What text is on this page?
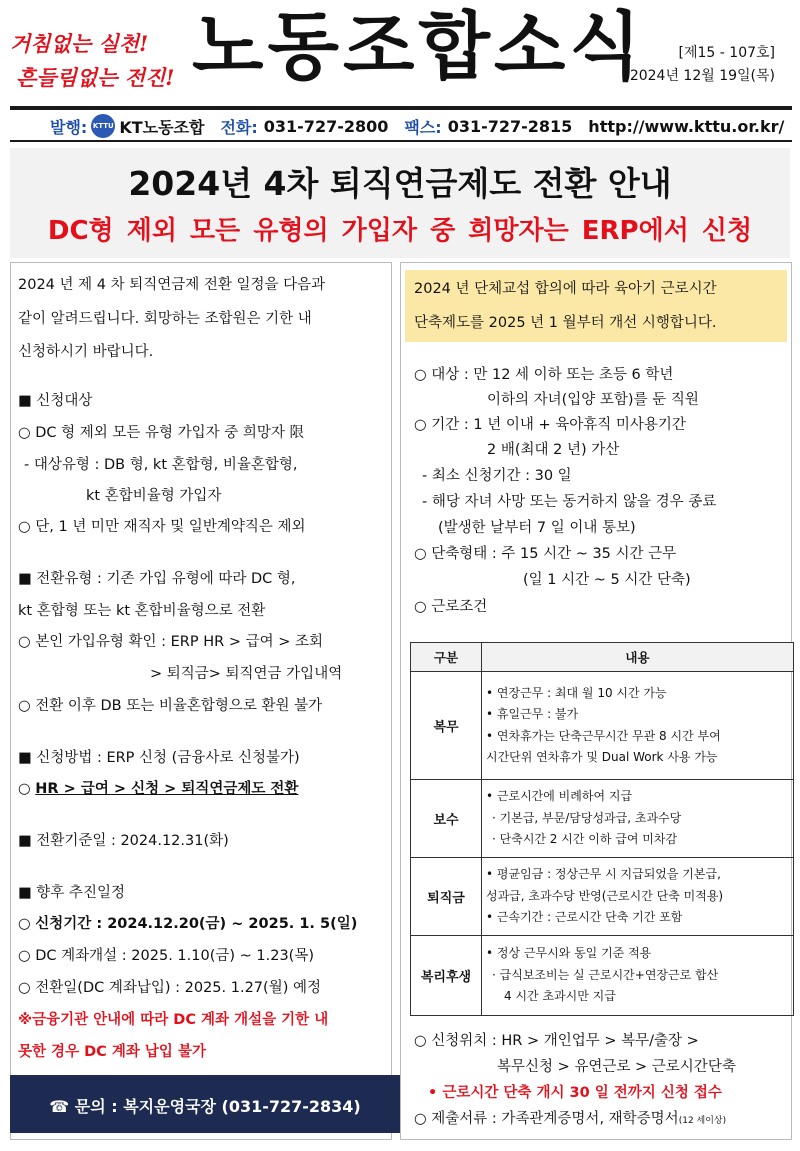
거침없는 실천!
흔들림없는 전진! 노동조합소식	[제15 - 107호]
2024년 12월 19일(목)
발행: KTTU KT노동조합 전화: 031-727-2800 팩스: 031-727-2815 http://www.kttu.or.kr/
2024년 4차 퇴직연금제도 전환 안내
DC형 제외 모든 유형의 가입자 중 희망자는 ERP에서 신청
2024 년 제 4 차 퇴직연금제 전환 일정을 다음과
같이 알려드립니다. 회망하는 조합원은 기한 내
신청하시기 바랍니다.
■ 신청대상
○ DC 형 제외 모든 유형 가입자 중 희망자 限
- 대상유형 : DB 형, kt 혼합형, 비율혼합형,
kt 혼합비율형 가입자
○ 단, 1 년 미만 재직자 및 일반계약직은 제외
■ 전환유형 : 기존 가입 유형에 따라 DC 형,
kt 혼합형 또는 kt 혼합비율형으로 전환
○ 본인 가입유형 확인 : ERP HR > 급여 > 조회
> 퇴직금> 퇴직연금 가입내역
○ 전환 이후 DB 또는 비율혼합형으로 환원 불가
■ 신청방법 : ERP 신청 (금융사로 신청불가)
○ HR > 급여 > 신청 > 퇴직연금제도 전환
■ 전환기준일 : 2024.12.31(화)
■ 향후 추진일정
○ 신청기간 : 2024.12.20(금) ~ 2025. 1. 5(일)
○ DC 계좌개설 : 2025. 1.10(금) ~ 1.23(목)
○ 전환일(DC 계좌납입) : 2025. 1.27(월) 예정
※금융기관 안내에 따라 DC 계좌 개설을 기한 내
못한 경우 DC 계좌 납입 불가
☎ 문의 : 복지운영국장 (031-727-2834)
2024 년 단체교섭 합의에 따라 육아기 근로시간
단축제도를 2025 년 1 월부터 개선 시행합니다.
○ 대상 : 만 12 세 이하 또는 초등 6 학년
이하의 자녀(입양 포함)를 둔 직원
○ 기간 : 1 년 이내 + 육아휴직 미사용기간
2 배(최대 2 년) 가산
- 최소 신청기간 : 30 일
- 해당 자녀 사망 또는 동거하지 않을 경우 종료
(발생한 날부터 7 일 이내 통보)
○ 단축형태 : 주 15 시간 ~ 35 시간 근무
(일 1 시간 ~ 5 시간 단축)
○ 근로조건
구분	내용
복무	• 연장근무 : 최대 월 10 시간 가능
• 휴일근무 : 불가
• 연차휴가는 단축근무시간 무관 8 시간 부여
시간단위 연차휴가 및 Dual Work 사용 가능

보수	• 근로시간에 비례하여 지급
· 기본급, 부문/담당성과급, 초과수당
· 단축시간 2 시간 이하 급여 미차감

퇴직금	• 평균임금 : 정상근무 시 지급되었을 기본급,
성과급, 초과수당 반영(근로시간 단축 미적용)
• 근속기간 : 근로시간 단축 기간 포함

복리후생	• 정상 근무시와 동일 기준 적용
· 급식보조비는 실 근로시간+연장근로 합산
4 시간 초과시만 지급
○ 신청위치 : HR > 개인업무 > 복무/출장 >
복무신청 > 유연근로 > 근로시간단축
• 근로시간 단축 개시 30 일 전까지 신청 접수
○ 제출서류 : 가족관계증명서, 재학증명서(12 세이상)
